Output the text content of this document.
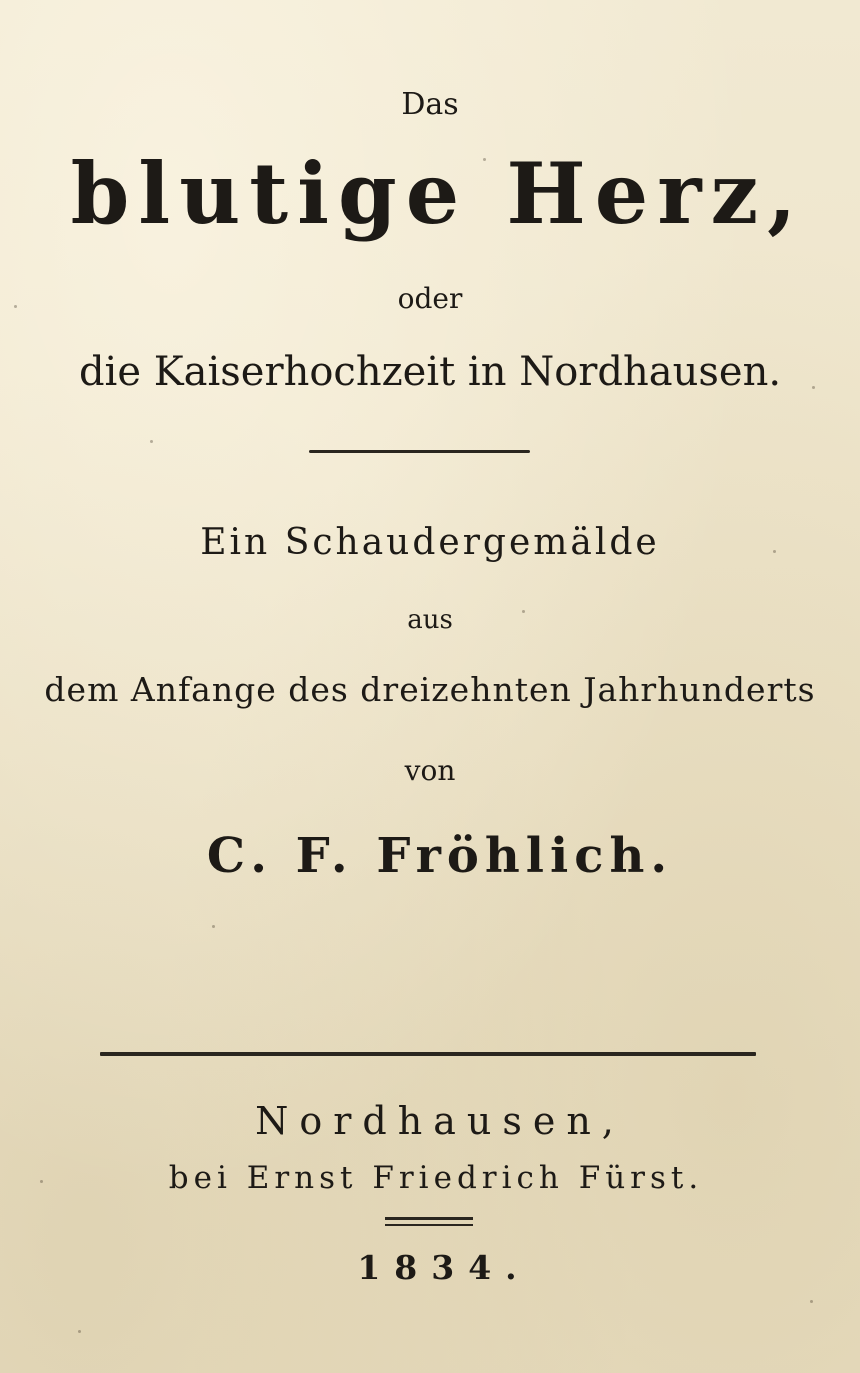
Das
blutige Herz,
oder
die Kaiserhochzeit in Nordhausen.
Ein Schaudergemälde
aus
dem Anfange des dreizehnten Jahrhunderts
von
C. F. Fröhlich.
Nordhausen,
bei Ernst Friedrich Fürst.
1834.
